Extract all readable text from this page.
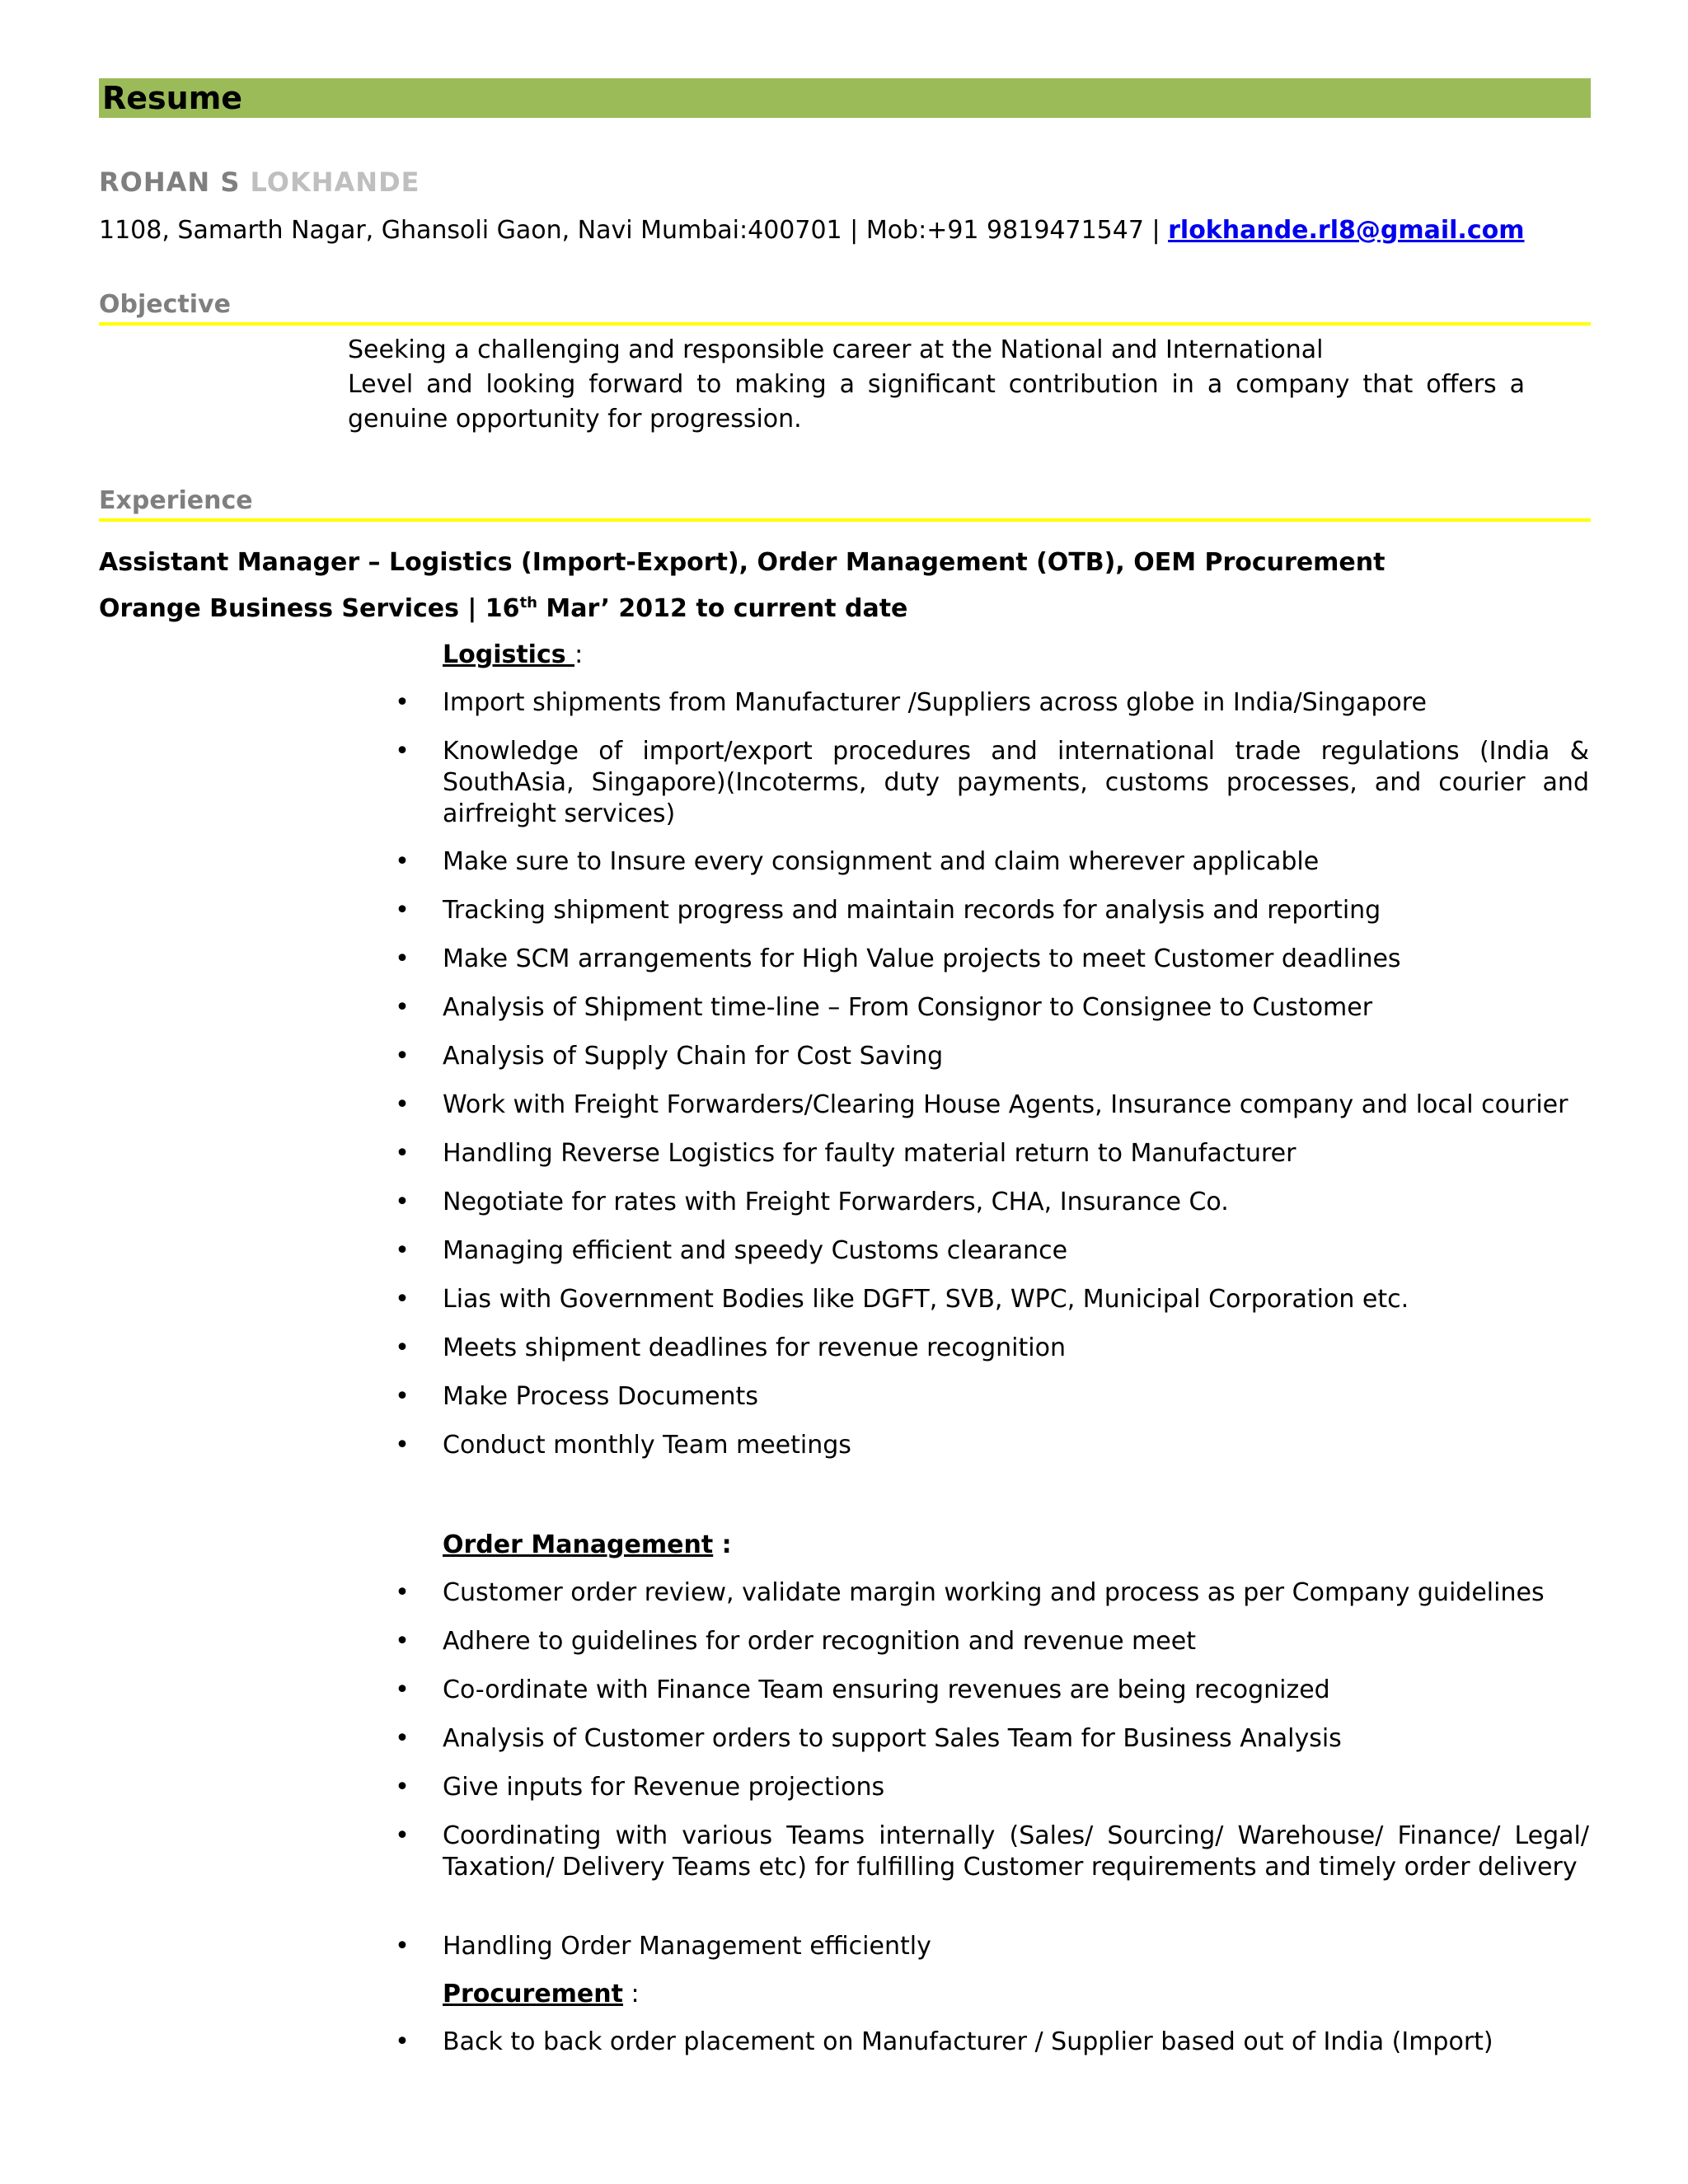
Resume
ROHAN S LOKHANDE
1108, Samarth Nagar, Ghansoli Gaon, Navi Mumbai:400701 | Mob:+91 9819471547 | rlokhande.rl8@gmail.com
Objective
Seeking a challenging and responsible career at the National and International
Level and looking forward to making a significant contribution in a company that offers a genuine opportunity for progression.
Experience
Assistant Manager – Logistics (Import-Export), Order Management (OTB), OEM Procurement
Orange Business Services | 16th Mar’ 2012 to current date
Logistics :
• Import shipments from Manufacturer /Suppliers across globe in India/Singapore
• Knowledge of import/export procedures and international trade regulations (India & SouthAsia, Singapore)(Incoterms, duty payments, customs processes, and courier and airfreight services)
• Make sure to Insure every consignment and claim wherever applicable
• Tracking shipment progress and maintain records for analysis and reporting
• Make SCM arrangements for High Value projects to meet Customer deadlines
• Analysis of Shipment time-line – From Consignor to Consignee to Customer
• Analysis of Supply Chain for Cost Saving
• Work with Freight Forwarders/Clearing House Agents, Insurance company and local courier
• Handling Reverse Logistics for faulty material return to Manufacturer
• Negotiate for rates with Freight Forwarders, CHA, Insurance Co.
• Managing efficient and speedy Customs clearance
• Lias with Government Bodies like DGFT, SVB, WPC, Municipal Corporation etc.
• Meets shipment deadlines for revenue recognition
• Make Process Documents
• Conduct monthly Team meetings
Order Management :
• Customer order review, validate margin working and process as per Company guidelines
• Adhere to guidelines for order recognition and revenue meet
• Co-ordinate with Finance Team ensuring revenues are being recognized
• Analysis of Customer orders to support Sales Team for Business Analysis
• Give inputs for Revenue projections
• Coordinating with various Teams internally (Sales/ Sourcing/ Warehouse/ Finance/ Legal/ Taxation/ Delivery Teams etc) for fulfilling Customer requirements and timely order delivery
• Handling Order Management efficiently
Procurement :
• Back to back order placement on Manufacturer / Supplier based out of India (Import)
